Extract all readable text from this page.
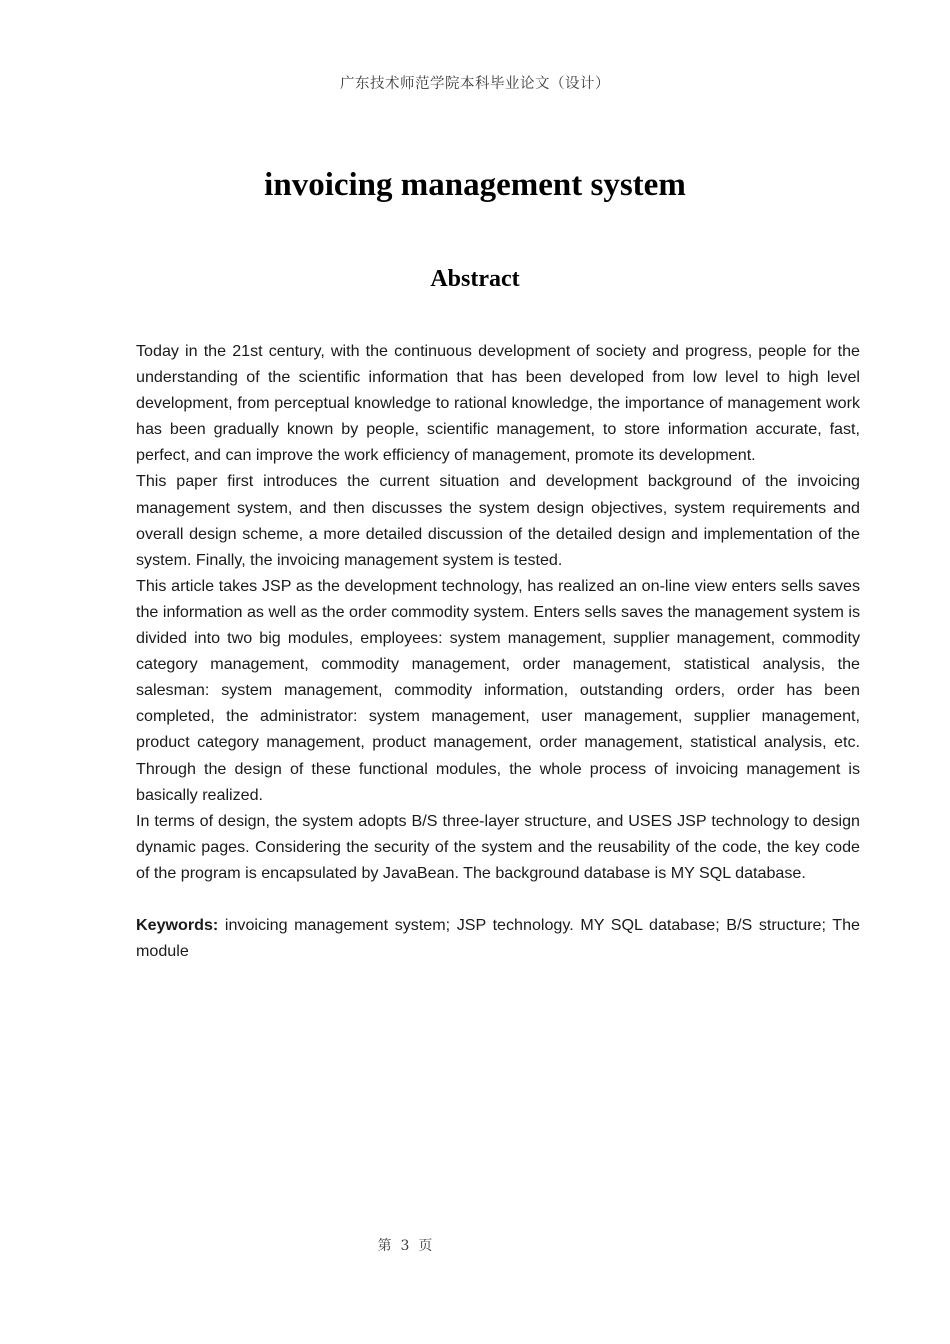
广东技术师范学院本科毕业论文（设计）
invoicing management system
Abstract

Today in the 21st century, with the continuous development of society and progress, people for the understanding of the scientific information that has been developed from low level to high level development, from perceptual knowledge to rational knowledge, the importance of management work has been gradually known by people, scientific management, to store information accurate, fast, perfect, and can improve the work efficiency of management, promote its development.

This paper first introduces the current situation and development background of the invoicing management system, and then discusses the system design objectives, system requirements and overall design scheme, a more detailed discussion of the detailed design and implementation of the system. Finally, the invoicing management system is tested.

This article takes JSP as the development technology, has realized an on-line view enters sells saves the information as well as the order commodity system. Enters sells saves the management system is divided into two big modules, employees: system management, supplier management, commodity category management, commodity management, order management, statistical analysis, the salesman: system management, commodity information, outstanding orders, order has been completed, the administrator: system management, user management, supplier management, product category management, product management, order management, statistical analysis, etc. Through the design of these functional modules, the whole process of invoicing management is basically realized.

In terms of design, the system adopts B/S three-layer structure, and USES JSP technology to design dynamic pages. Considering the security of the system and the reusability of the code, the key code of the program is encapsulated by JavaBean. The background database is MY SQL database.

Keywords: invoicing management system; JSP technology. MY SQL database; B/S structure; The module

第  3  页
